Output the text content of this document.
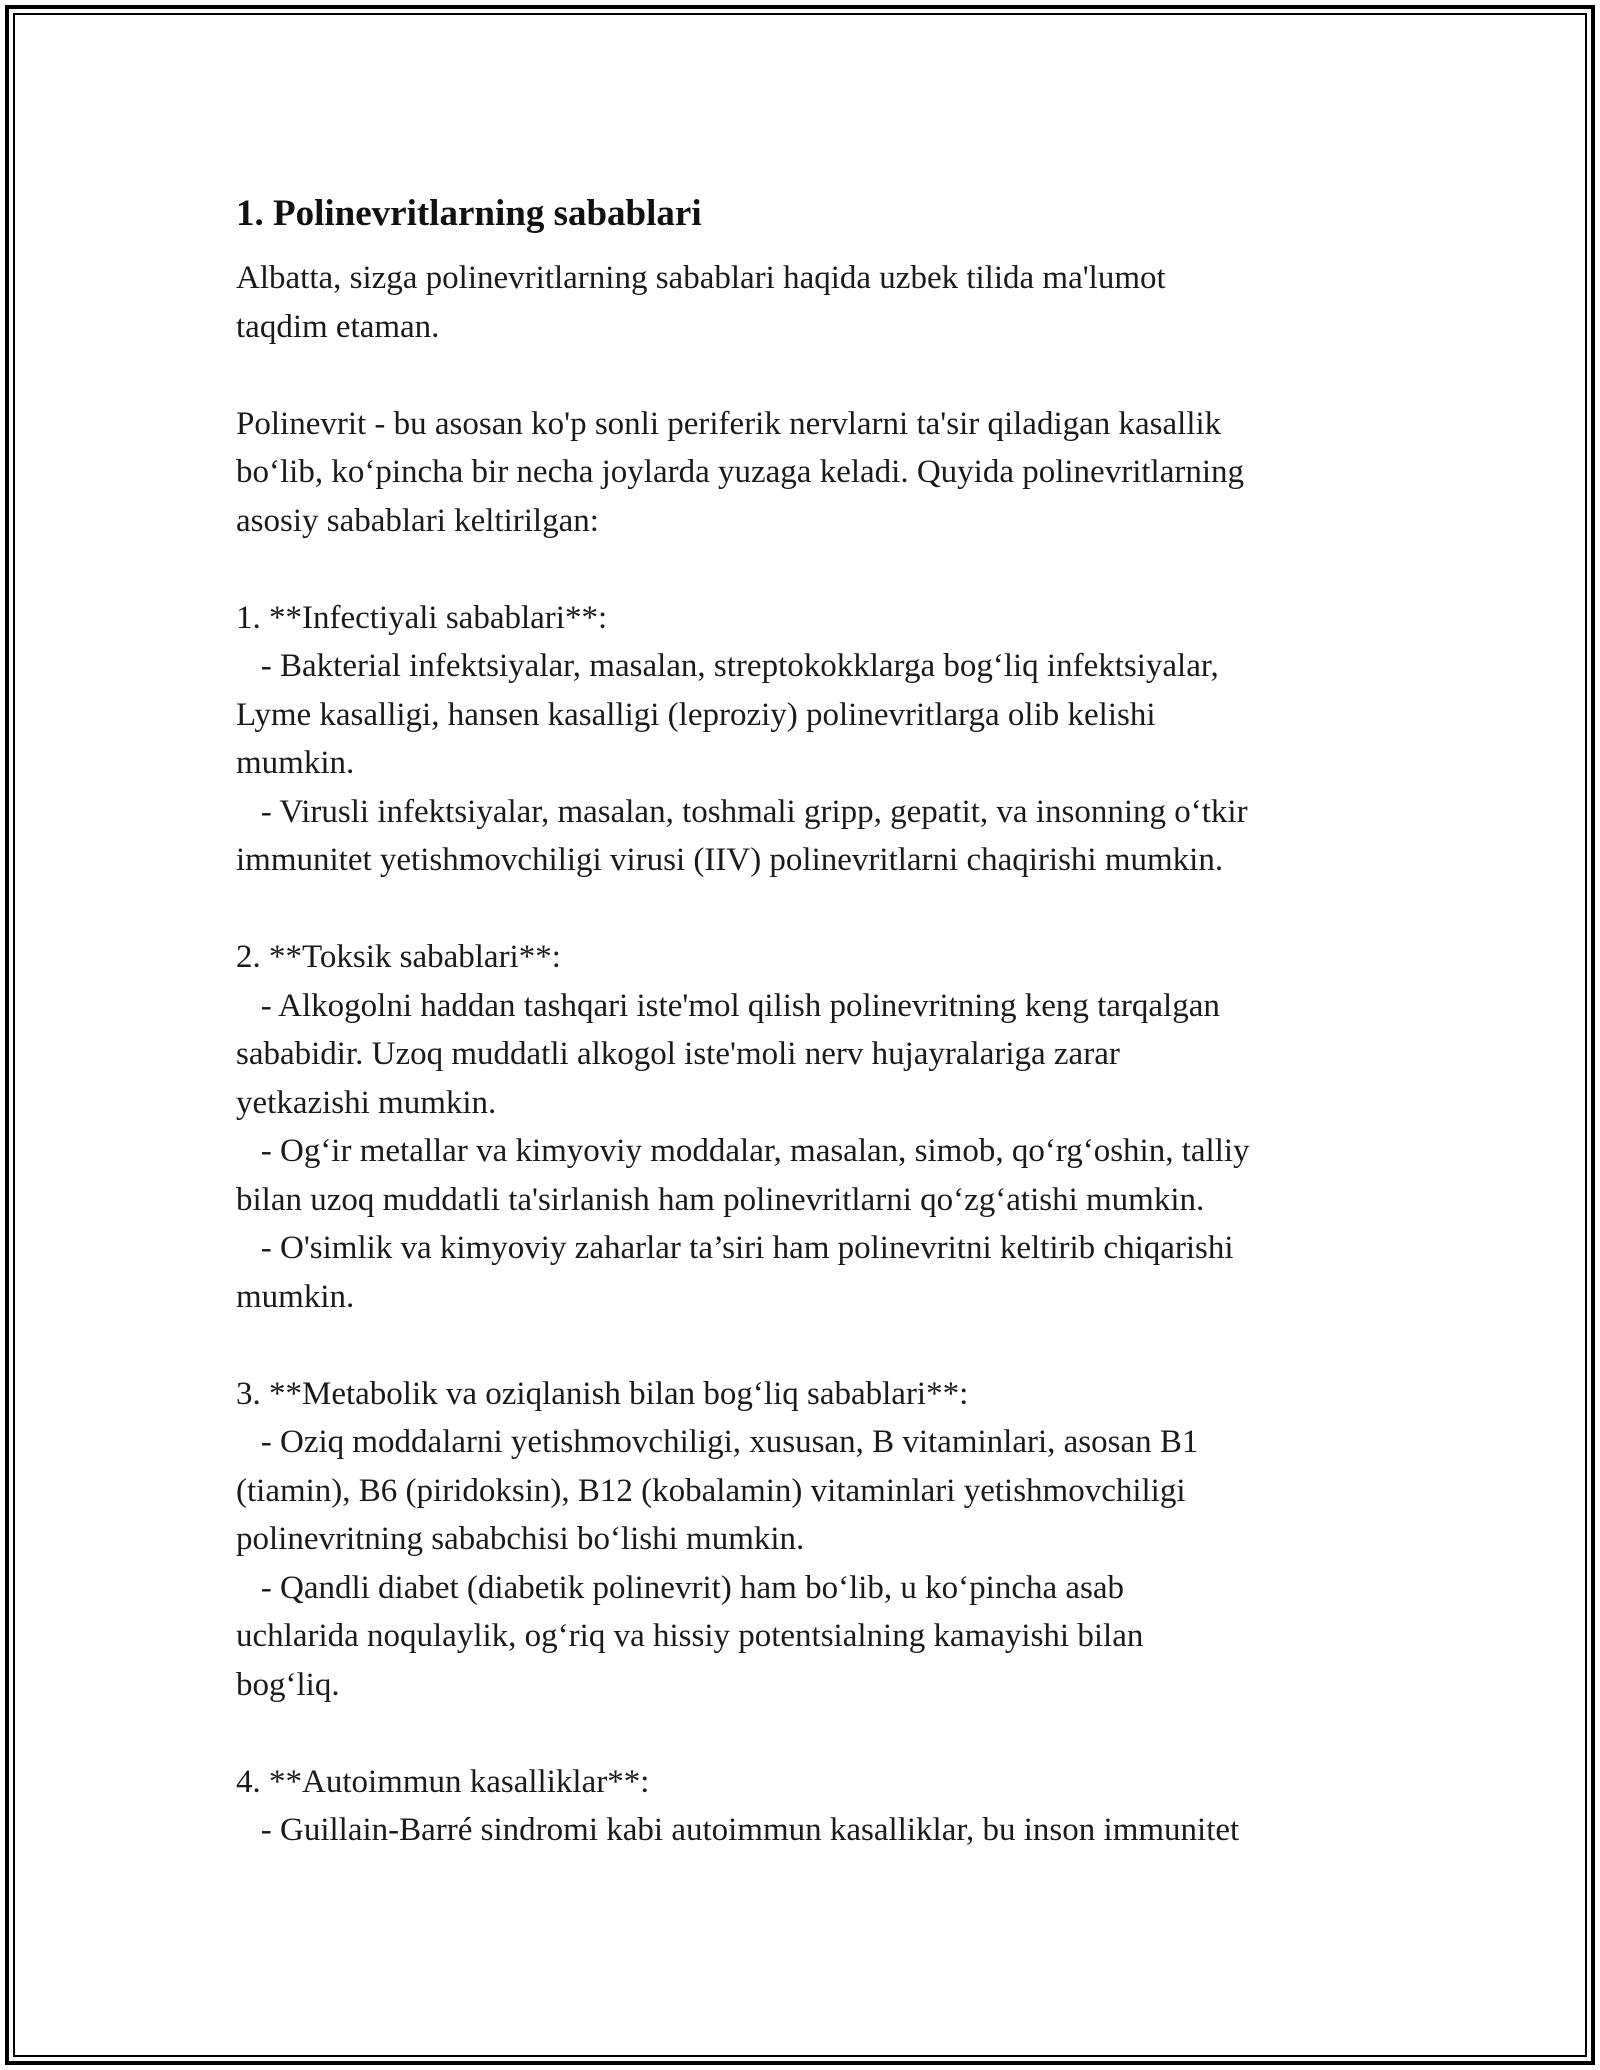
1. Polinevritlarning sabablari

Albatta, sizga polinevritlarning sabablari haqida uzbek tilida ma'lumot
taqdim etaman.

Polinevrit - bu asosan ko'p sonli periferik nervlarni ta'sir qiladigan kasallik
bo‘lib, ko‘pincha bir necha joylarda yuzaga keladi. Quyida polinevritlarning
asosiy sabablari keltirilgan:

1. **Infectiyali sabablari**:
- Bakterial infektsiyalar, masalan, streptokokklarga bog‘liq infektsiyalar,
Lyme kasalligi, hansen kasalligi (leproziy) polinevritlarga olib kelishi
mumkin.
- Virusli infektsiyalar, masalan, toshmali gripp, gepatit, va insonning o‘tkir
immunitet yetishmovchiligi virusi (IIV) polinevritlarni chaqirishi mumkin.

2. **Toksik sabablari**:
- Alkogolni haddan tashqari iste'mol qilish polinevritning keng tarqalgan
sababidir. Uzoq muddatli alkogol iste'moli nerv hujayralariga zarar
yetkazishi mumkin.
- Og‘ir metallar va kimyoviy moddalar, masalan, simob, qo‘rg‘oshin, talliy
bilan uzoq muddatli ta'sirlanish ham polinevritlarni qo‘zg‘atishi mumkin.
- O'simlik va kimyoviy zaharlar ta’siri ham polinevritni keltirib chiqarishi
mumkin.

3. **Metabolik va oziqlanish bilan bog‘liq sabablari**:
- Oziq moddalarni yetishmovchiligi, xususan, B vitaminlari, asosan B1
(tiamin), B6 (piridoksin), B12 (kobalamin) vitaminlari yetishmovchiligi
polinevritning sababchisi bo‘lishi mumkin.
- Qandli diabet (diabetik polinevrit) ham bo‘lib, u ko‘pincha asab
uchlarida noqulaylik, og‘riq va hissiy potentsialning kamayishi bilan
bog‘liq.

4. **Autoimmun kasalliklar**:
- Guillain-Barré sindromi kabi autoimmun kasalliklar, bu inson immunitet
